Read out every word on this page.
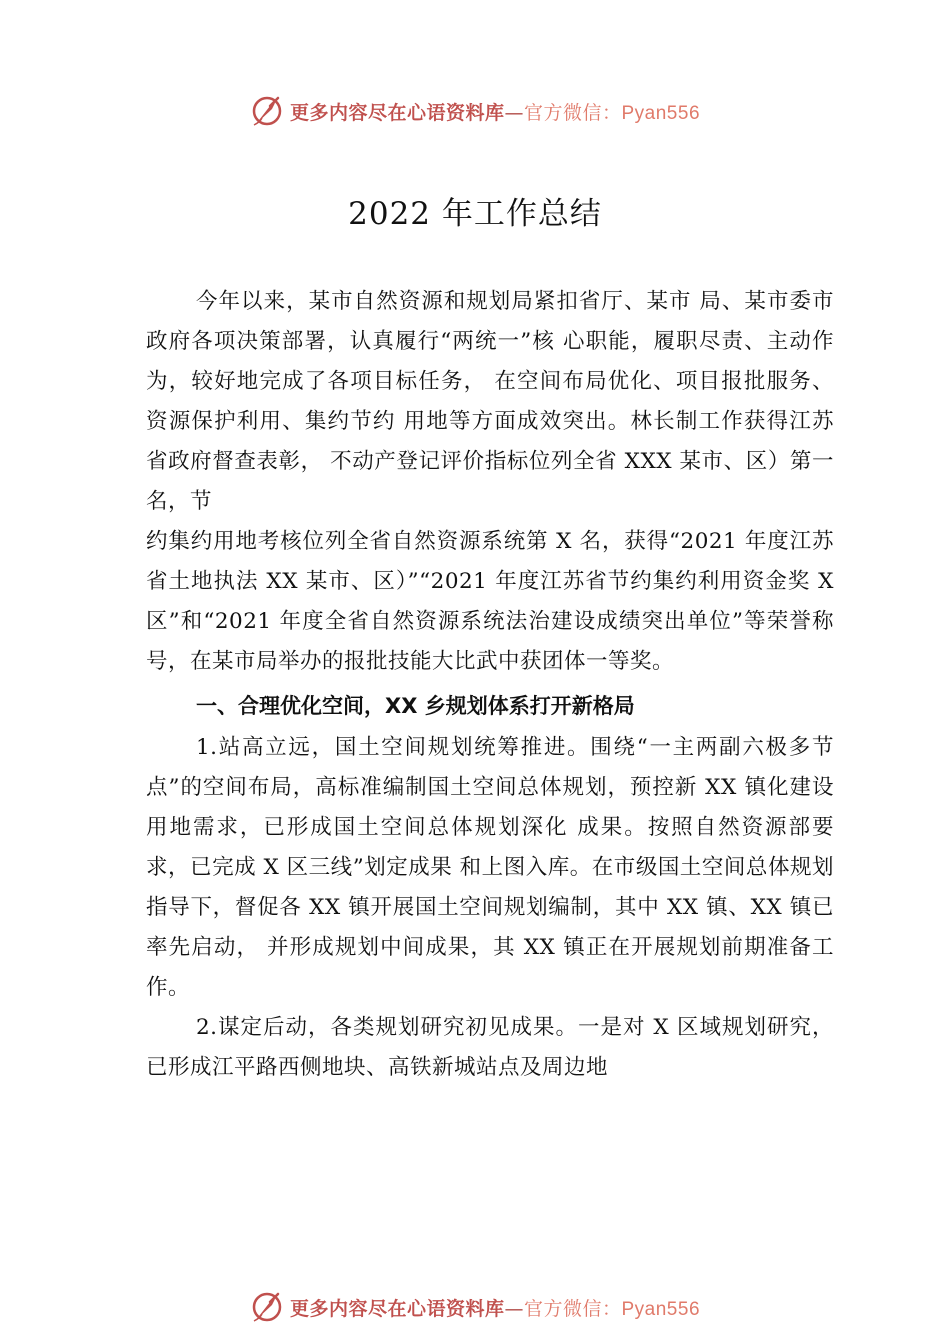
更多内容尽在心语资料库—官方微信：Pyan556
2022 年工作总结

今年以来，某市自然资源和规划局紧扣省厅、某市 局、某市委市政府各项决策部署，认真履行“两统一”核 心职能，履职尽责、主动作为，较好地完成了各项目标任务， 在空间布局优化、项目报批服务、资源保护利用、集约节约 用地等方面成效突出。林长制工作获得江苏省政府督查表彰， 不动产登记评价指标位列全省 XXX 某市、区）第一名，节

约集约用地考核位列全省自然资源系统第 X 名，获得“2021 年度江苏省土地执法 XX 某市、区）”“2021 年度江苏省节约集约利用资金奖 X 区”和“2021 年度全省自然资源系统法治建设成绩突出单位”等荣誉称号，在某市局举办的报批技能大比武中获团体一等奖。

一、合理优化空间，XX 乡规划体系打开新格局

1.站高立远，国土空间规划统筹推进。围绕“一主两副六极多节点”的空间布局，高标准编制国土空间总体规划，预控新 XX 镇化建设用地需求，已形成国土空间总体规划深化 成果。按照自然资源部要求，已完成 X 区三线”划定成果 和上图入库。在市级国土空间总体规划指导下，督促各 XX 镇开展国土空间规划编制，其中 XX 镇、XX 镇已率先启动， 并形成规划中间成果，其 XX 镇正在开展规划前期准备工作。

2.谋定后动，各类规划研究初见成果。一是对 X 区域规划研究，已形成江平路西侧地块、高铁新城站点及周边地

更多内容尽在心语资料库—官方微信：Pyan556
